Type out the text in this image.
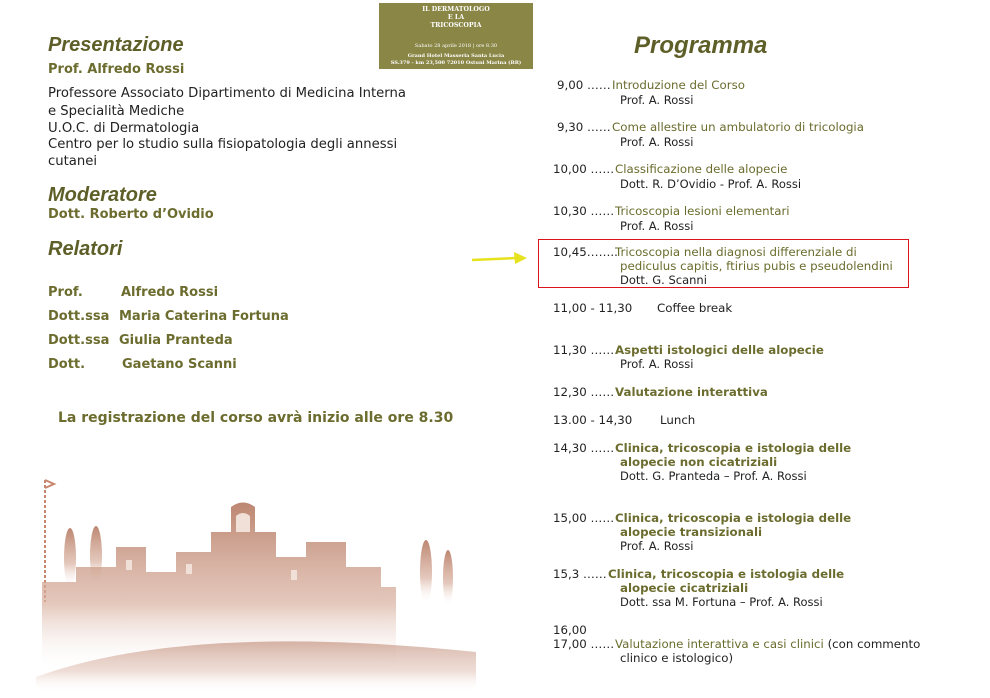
IL DERMATOLOGO
E LA
TRICOSCOPIA
Sabato 28 aprile 2018 | ore 8.30
Grand Hotel Masseria Santa Lucia
SS.379 - km 23,500 72010 Ostuni Marina (BR)
Presentazione
Prof. Alfredo Rossi
Professore Associato Dipartimento di Medicina Interna
e Specialità Mediche
U.O.C. di Dermatologia
Centro per lo studio sulla fisiopatologia degli annessi
cutanei
Moderatore
Dott. Roberto d’Ovidio
Relatori
Prof.	Alfredo Rossi
Dott.ssa Maria Caterina Fortuna
Dott.ssa Giulia Pranteda
Dott.	Gaetano Scanni
La registrazione del corso avrà inizio alle ore 8.30
Programma
9,00 …… Introduzione del Corso
Prof. A. Rossi
9,30 …… Come allestire un ambulatorio di tricologia
Prof. A. Rossi
10,00 …… Classificazione delle alopecie
Dott. R. D’Ovidio - Prof. A. Rossi
10,30 …… Tricoscopia lesioni elementari
Prof. A. Rossi
10,45……..
Tricoscopia nella diagnosi differenziale di
pediculus capitis, ftirius pubis e pseudolendini
Dott. G. Scanni
11,00 - 11,30 Coffee break
11,30 …… Aspetti istologici delle alopecie
Prof. A. Rossi
12,30 …… Valutazione interattiva
13.00 - 14,30 Lunch
14,30 …… Clinica, tricoscopia e istologia delle
alopecie non cicatriziali
Dott. G. Pranteda – Prof. A. Rossi
15,00 …… Clinica, tricoscopia e istologia delle
alopecie transizionali
Prof. A. Rossi
15,3 …… Clinica, tricoscopia e istologia delle
alopecie cicatriziali
Dott. ssa M. Fortuna – Prof. A. Rossi
16,00
17,00 …… Valutazione interattiva e casi clinici (con commento
clinico e istologico)
